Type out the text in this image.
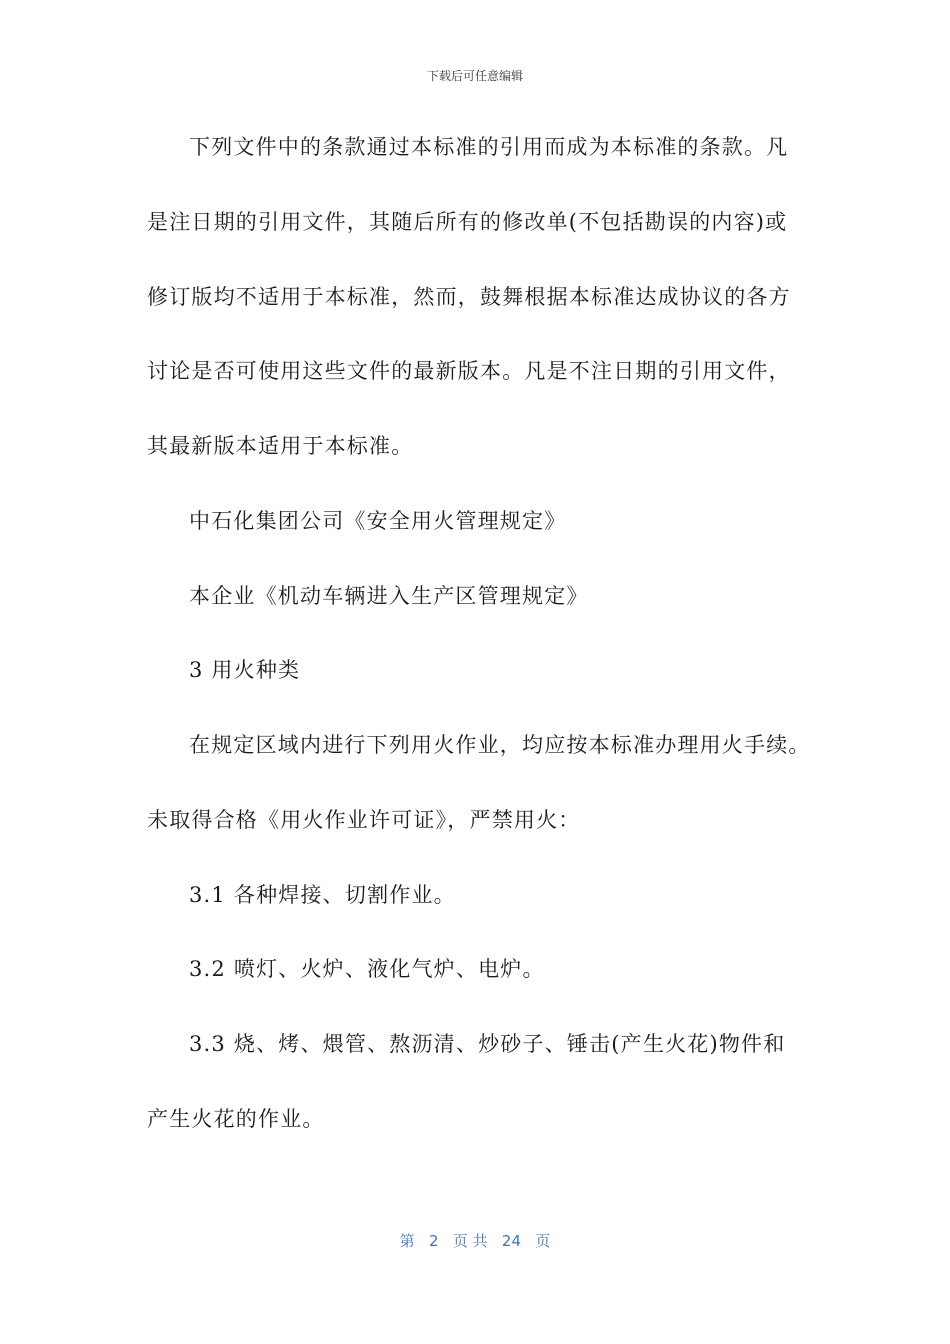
下载后可任意编辑
下列文件中的条款通过本标准的引用而成为本标准的条款。凡
是注日期的引用文件，其随后所有的修改单(不包括勘误的内容)或
修订版均不适用于本标准，然而，鼓舞根据本标准达成协议的各方
讨论是否可使用这些文件的最新版本。凡是不注日期的引用文件，
其最新版本适用于本标准。
中石化集团公司《安全用火管理规定》
本企业《机动车辆进入生产区管理规定》
3 用火种类
在规定区域内进行下列用火作业，均应按本标准办理用火手续。
未取得合格《用火作业许可证》，严禁用火：
3.1 各种焊接、切割作业。
3.2 喷灯、火炉、液化气炉、电炉。
3.3 烧、烤、煨管、熬沥清、炒砂子、锤击(产生火花)物件和
产生火花的作业。
第 2 页 共 24 页
